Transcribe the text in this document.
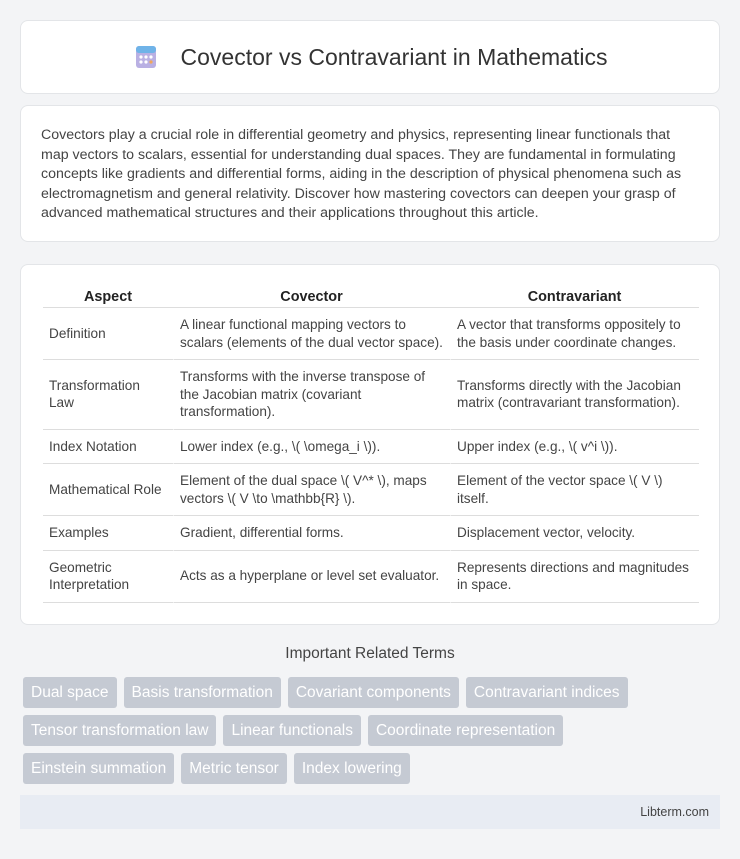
Covector vs Contravariant in Mathematics

Covectors play a crucial role in differential geometry and physics, representing linear functionals that map vectors to scalars, essential for understanding dual spaces. They are fundamental in formulating concepts like gradients and differential forms, aiding in the description of physical phenomena such as electromagnetism and general relativity. Discover how mastering covectors can deepen your grasp of advanced mathematical structures and their applications throughout this article.

Aspect	Covector	Contravariant
Definition	A linear functional mapping vectors to scalars (elements of the dual vector space).	A vector that transforms oppositely to the basis under coordinate changes.
Transformation Law	Transforms with the inverse transpose of the Jacobian matrix (covariant transformation).	Transforms directly with the Jacobian matrix (contravariant transformation).
Index Notation	Lower index (e.g., \( \omega_i \)).	Upper index (e.g., \( v^i \)).
Mathematical Role	Element of the dual space \( V^* \), maps vectors \( V \to \mathbb{R} \).	Element of the vector space \( V \) itself.
Examples	Gradient, differential forms.	Displacement vector, velocity.
Geometric Interpretation	Acts as a hyperplane or level set evaluator.	Represents directions and magnitudes in space.
Important Related Terms
Dual space	Basis transformation	Covariant components	Contravariant indices
Tensor transformation law	Linear functionals	Coordinate representation
Einstein summation	Metric tensor	Index lowering
Libterm.com
